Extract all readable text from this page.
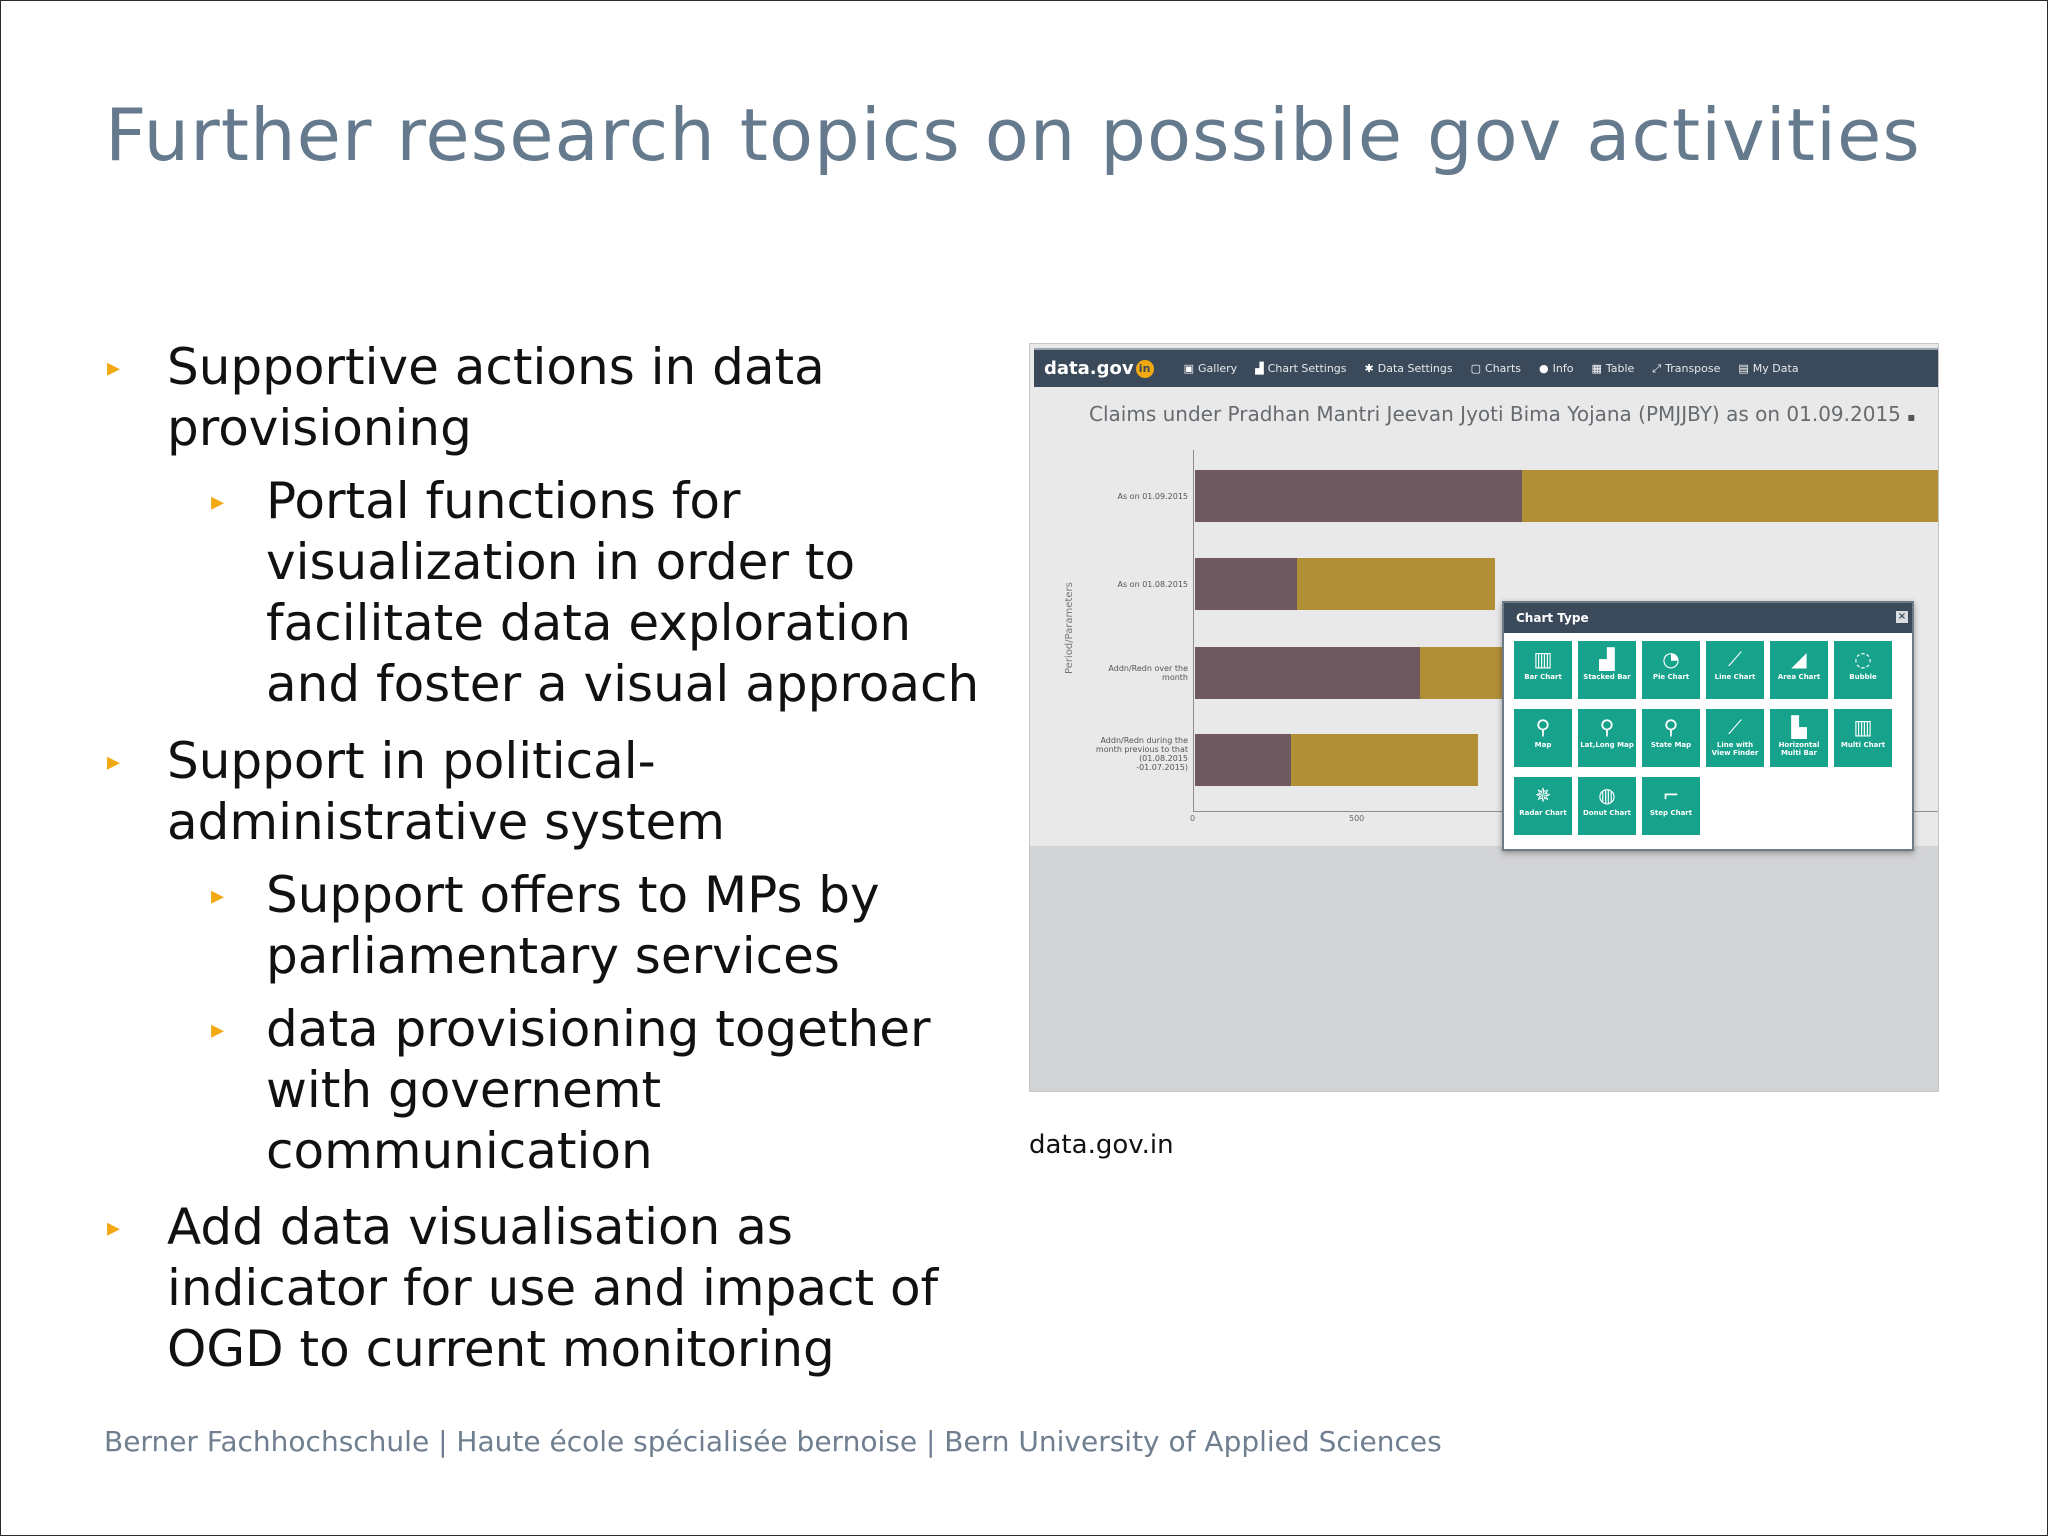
Further research topics on possible gov activities
▸ Supportive actions in data
provisioning
▸ Portal functions for
visualization in order to
facilitate data exploration
and foster a visual approach
▸ Support in political-
administrative system
▸ Support offers to MPs by
parliamentary services
▸ data provisioning together
with governemt
communication
▸ Add data visualisation as
indicator for use and impact of
OGD to current monitoring
data.gov in	▣ Gallery ▟ Chart Settings ✱ Data Settings ▢ Charts ● Info ▦ Table ⤢ Transpose ▤ My Data
Claims under Pradhan Mantri Jeevan Jyoti Bima Yojana (PMJJBY) as on 01.09.2015 ▪
0	500
Period/Parameters
As on 01.09.2015
As on 01.08.2015
Addn/Redn over the month
Addn/Redn during the month previous to that (01.08.2015 -01.07.2015)
Chart Type	×
▥
Bar Chart
▟
Stacked Bar
◔
Pie Chart
⟋
Line Chart
◢
Area Chart
◌
Bubble
⚲
Map
⚲
Lat,Long Map
⚲
State Map
⟋
Line with View Finder
▙
Horizontal Multi Bar
▥
Multi Chart
✵
Radar Chart
◍
Donut Chart
⌐
Step Chart
data.gov.in
Berner Fachhochschule | Haute école spécialisée bernoise | Bern University of Applied Sciences
